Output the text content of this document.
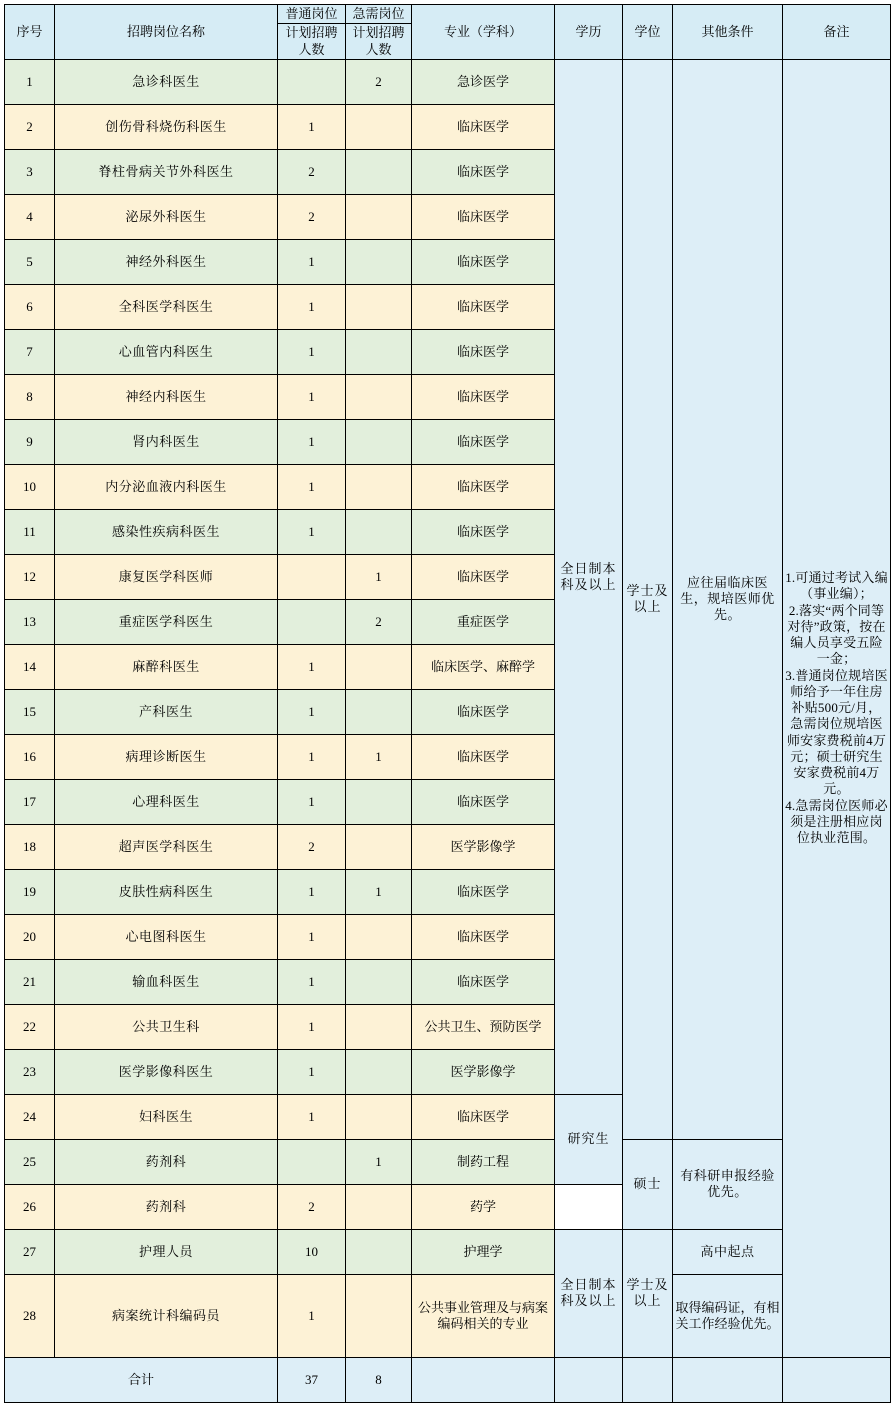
序号	招聘岗位名称	普通岗位	急需岗位	专业（学科）	学历	学位	其他条件	备注
		计划招聘人数	计划招聘人数					
1	急诊科医生		2	急诊医学	全日制本科及以上	学士及以上	应往届临床医生，规培医师优先。	1.可通过考试入编（事业编）；

2.落实“两个同等对待”政策，按在编人员享受五险一金；

3.普通岗位规培医师给予一年住房补贴500元/月，急需岗位规培医师安家费税前4万元；硕士研究生安家费税前4万元。

4.急需岗位医师必须是注册相应岗位执业范围。

2	创伤骨科烧伤科医生	1		临床医学				
3	脊柱骨病关节外科医生	2		临床医学				
4	泌尿外科医生	2		临床医学				
5	神经外科医生	1		临床医学				
6	全科医学科医生	1		临床医学				
7	心血管内科医生	1		临床医学				
8	神经内科医生	1		临床医学				
9	肾内科医生	1		临床医学				
10	内分泌血液内科医生	1		临床医学				
11	感染性疾病科医生	1		临床医学				
12	康复医学科医师		1	临床医学				
13	重症医学科医生		2	重症医学				
14	麻醉科医生	1		临床医学、麻醉学				
15	产科医生	1		临床医学				
16	病理诊断医生	1	1	临床医学				
17	心理科医生	1		临床医学				
18	超声医学科医生	2		医学影像学				
19	皮肤性病科医生	1	1	临床医学				
20	心电图科医生	1		临床医学				
21	输血科医生	1		临床医学				
22	公共卫生科	1		公共卫生、预防医学				
23	医学影像科医生	1		医学影像学				
24	妇科医生	1		临床医学	研究生			
25	药剂科		1	制药工程		硕士	有科研申报经验优先。	
26	药剂科	2		药学				
27	护理人员	10		护理学	全日制本科及以上	学士及以上	高中起点	
28	病案统计科编码员	1		公共事业管理及与病案编码相关的专业			取得编码证，有相关工作经验优先。	
合计		37	8					
